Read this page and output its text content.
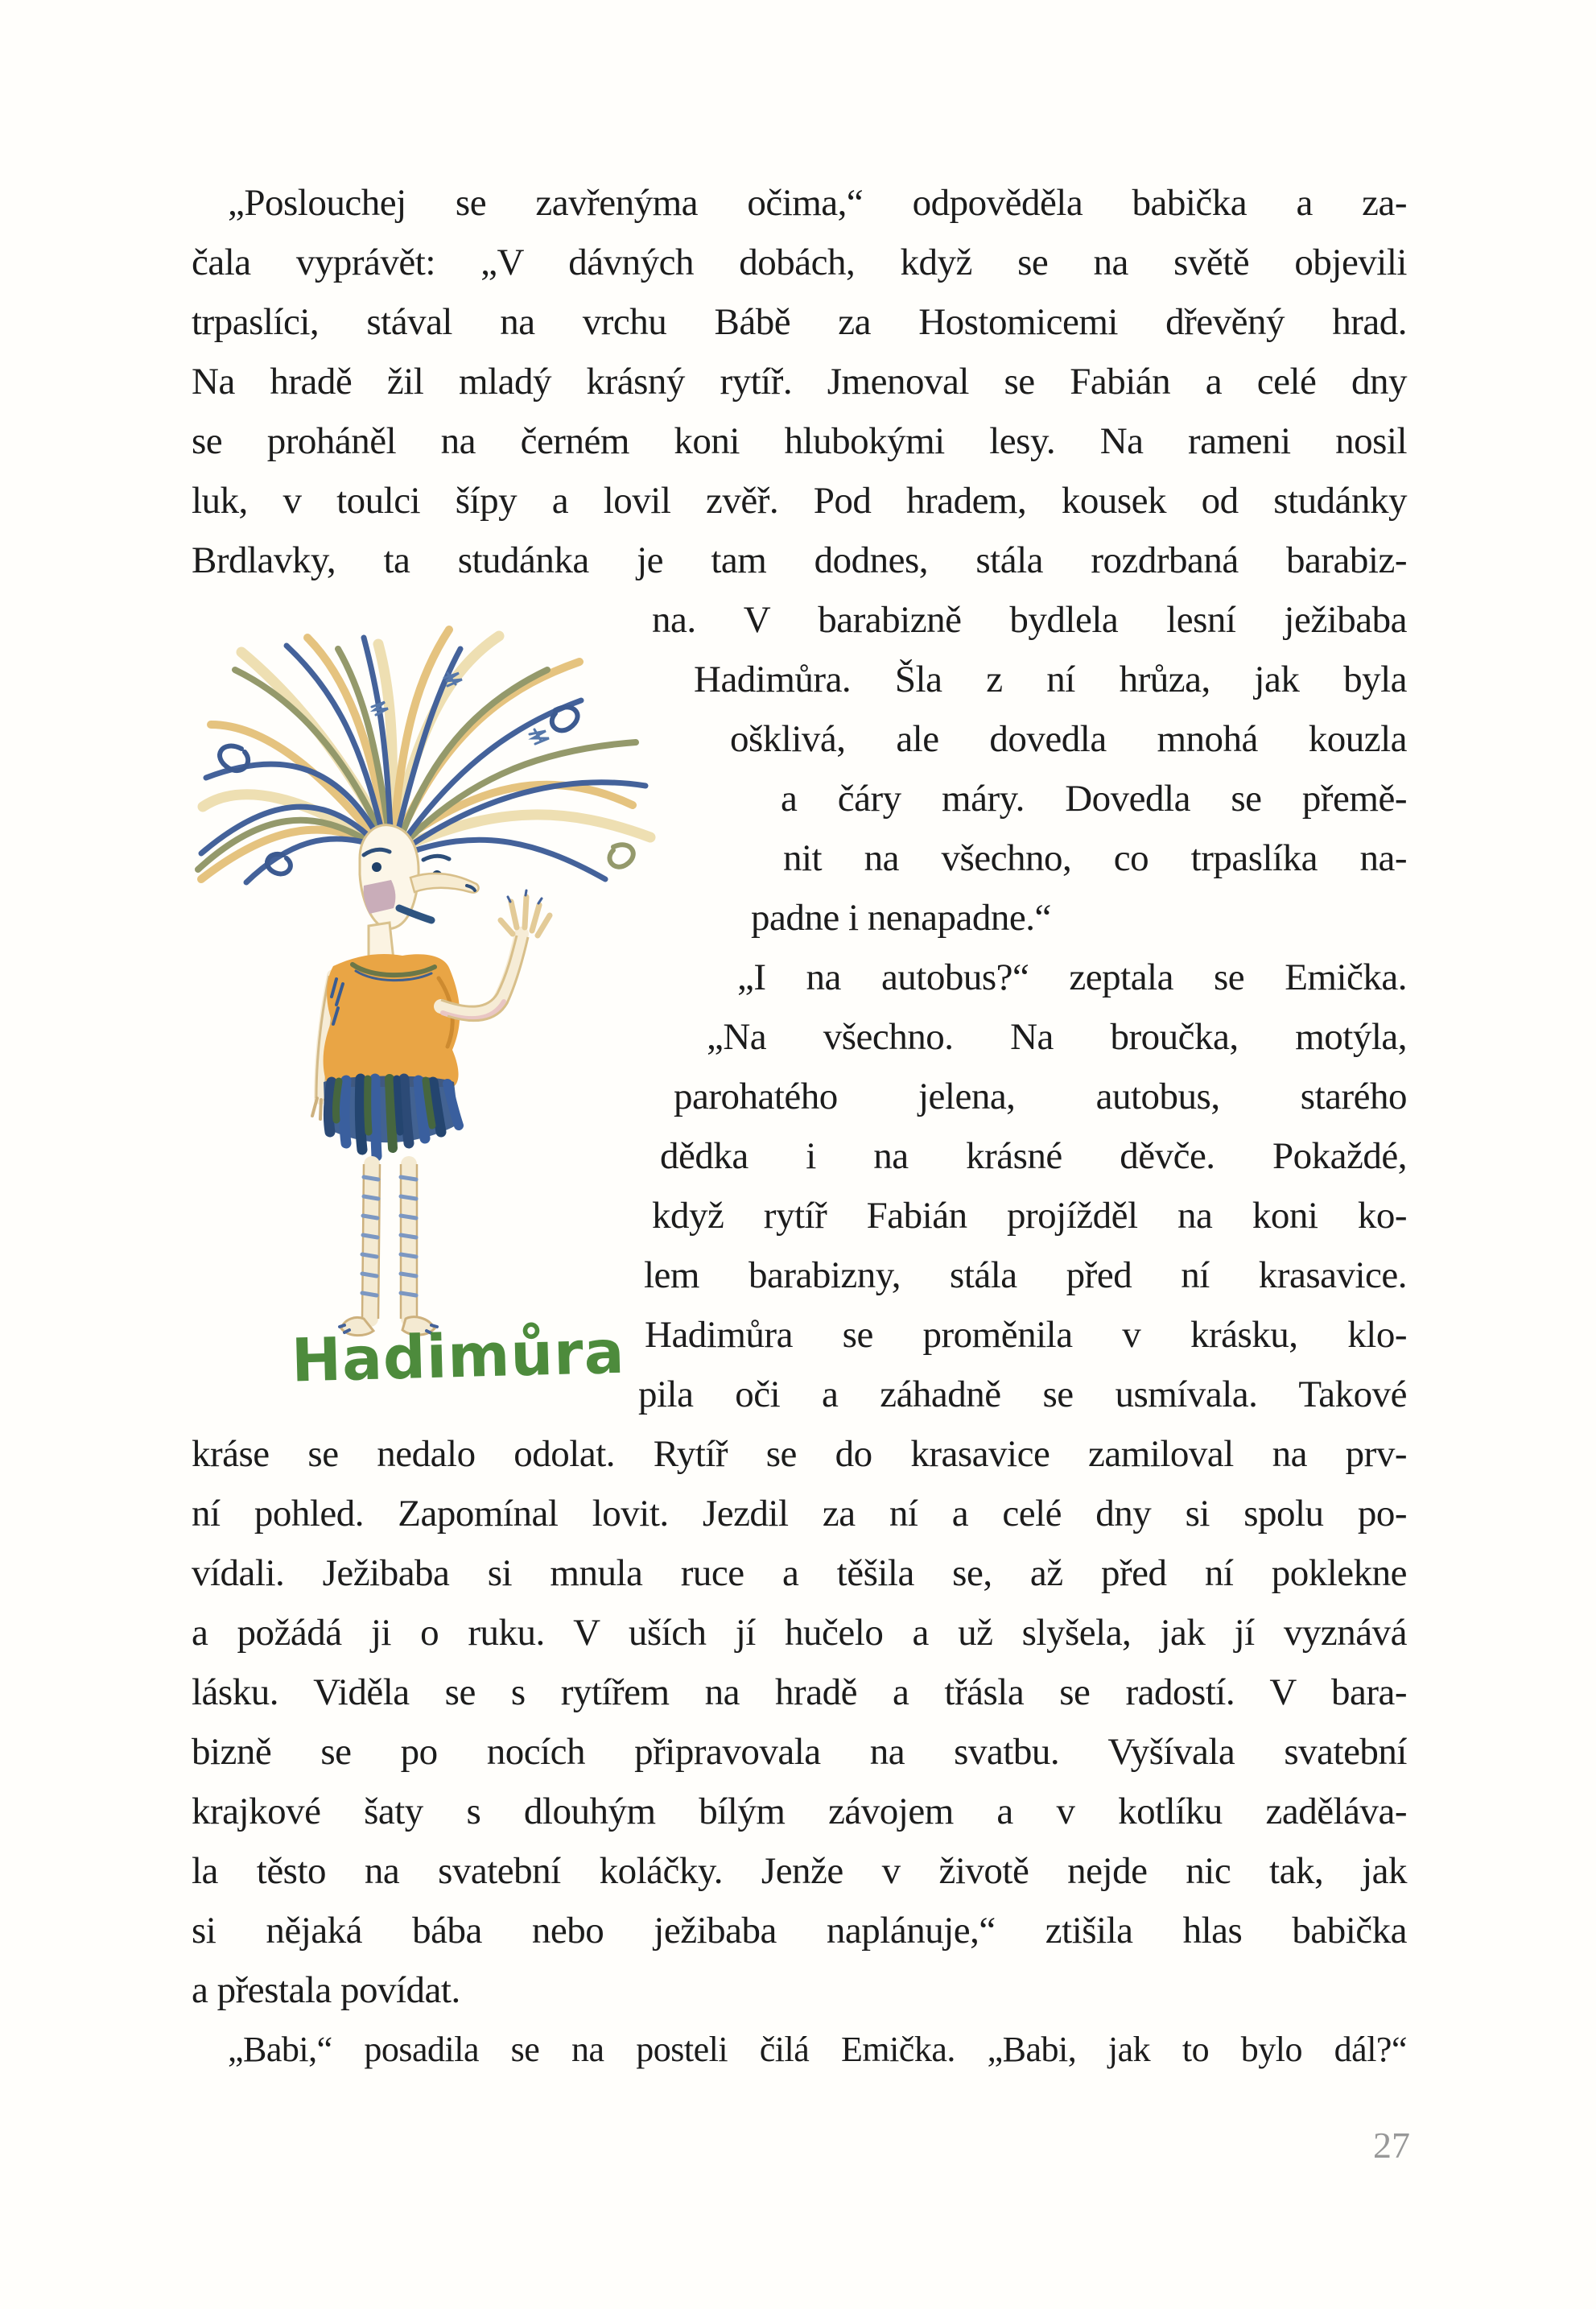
„Poslouchej se zavřenýma očima,“ odpověděla babička a za-
čala vyprávět: „V dávných dobách, když se na světě objevili
trpaslíci, stával na vrchu Bábě za Hostomicemi dřevěný hrad.
Na hradě žil mladý krásný rytíř. Jmenoval se Fabián a celé dny
se proháněl na černém koni hlubokými lesy. Na rameni nosil
luk, v toulci šípy a lovil zvěř. Pod hradem, kousek od studánky
Brdlavky, ta studánka je tam dodnes, stála rozdrbaná barabiz-
na. V barabizně bydlela lesní ježibaba
Hadimůra. Šla z ní hrůza, jak byla
ošklivá, ale dovedla mnohá kouzla
a čáry máry. Dovedla se přemě-
nit na všechno, co trpaslíka na-
padne i nenapadne.“
„I na autobus?“ zeptala se Emička.
„Na všechno. Na broučka, motýla,
parohatého jelena, autobus, starého
dědka i na krásné děvče. Pokaždé,
když rytíř Fabián projížděl na koni ko-
lem barabizny, stála před ní krasavice.
Hadimůra se proměnila v krásku, klo-
pila oči a záhadně se usmívala. Takové
kráse se nedalo odolat. Rytíř se do krasavice zamiloval na prv-
ní pohled. Zapomínal lovit. Jezdil za ní a celé dny si spolu po-
vídali. Ježibaba si mnula ruce a těšila se, až před ní poklekne
a požádá ji o ruku. V uších jí hučelo a už slyšela, jak jí vyznává
lásku. Viděla se s rytířem na hradě a třásla se radostí. V bara-
bizně se po nocích připravovala na svatbu. Vyšívala svatební
krajkové šaty s dlouhým bílým závojem a v kotlíku zaděláva-
la těsto na svatební koláčky. Jenže v životě nejde nic tak, jak
si nějaká bába nebo ježibaba naplánuje,“ ztišila hlas babička
a přestala povídat.
„Babi,“ posadila se na posteli čilá Emička. „Babi, jak to bylo dál?“
Hadimůra
27
